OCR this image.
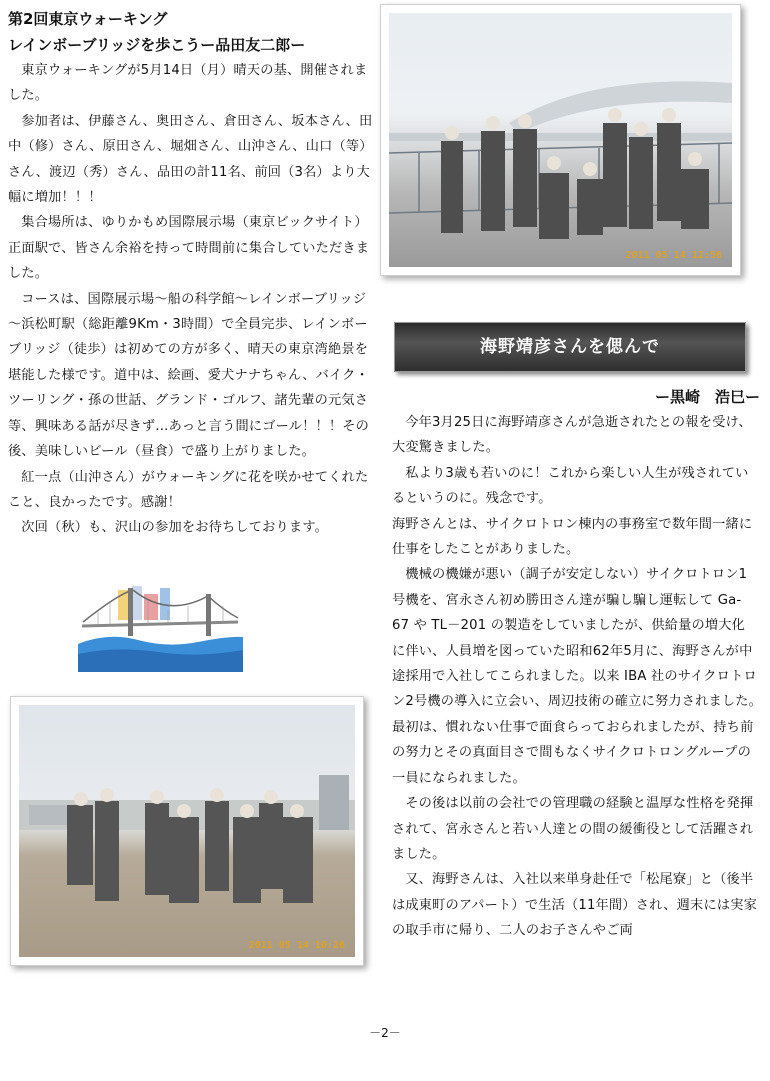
第2回東京ウォーキング
レインボーブリッジを歩こうー品田友二郎ー

東京ウォーキングが5月14日（月）晴天の基、開催されました。

参加者は、伊藤さん、奥田さん、倉田さん、坂本さん、田中（修）さん、原田さん、堀畑さん、山沖さん、山口（等）さん、渡辺（秀）さん、品田の計11名、前回（3名）より大幅に増加！！！

集合場所は、ゆりかもめ国際展示場（東京ビックサイト）正面駅で、皆さん余裕を持って時間前に集合していただきました。

コースは、国際展示場～船の科学館～レインボーブリッジ～浜松町駅（総距離9Km・3時間）で全員完歩、レインボーブリッジ（徒歩）は初めての方が多く、晴天の東京湾絶景を堪能した様です。道中は、絵画、愛犬ナナちゃん、バイク・ツーリング・孫の世話、グランド・ゴルフ、諸先輩の元気さ等、興味ある話が尽きず…あっと言う間にゴール！！！その後、美味しいビール（昼食）で盛り上がりました。

紅一点（山沖さん）がウォーキングに花を咲かせてくれたこと、良かったです。感謝！

次回（秋）も、沢山の参加をお待ちしております。

2011 05 14 10:26
2011 05 14 12:56
海野靖彦さんを偲んで
ー黒崎　浩巳ー

今年3月25日に海野靖彦さんが急逝されたとの報を受け、大変驚きました。

私より3歳も若いのに！これから楽しい人生が残されているというのに。残念です。

海野さんとは、サイクロトロン棟内の事務室で数年間一緒に仕事をしたことがありました。

機械の機嫌が悪い（調子が安定しない）サイクロトロン1号機を、宮永さん初め勝田さん達が騙し騙し運転して Ga-67 や TL－201 の製造をしていましたが、供給量の増大化に伴い、人員増を図っていた昭和62年5月に、海野さんが中途採用で入社してこられました。以来 IBA 社のサイクロトロン2号機の導入に立会い、周辺技術の確立に努力されました。　最初は、慣れない仕事で面食らっておられましたが、持ち前の努力とその真面目さで間もなくサイクロトロングループの一員になられました。

その後は以前の会社での管理職の経験と温厚な性格を発揮されて、宮永さんと若い人達との間の緩衝役として活躍されました。

又、海野さんは、入社以来単身赴任で「松尾寮」と（後半は成東町のアパート）で生活（11年間）され、週末には実家の取手市に帰り、二人のお子さんやご両

－2－
